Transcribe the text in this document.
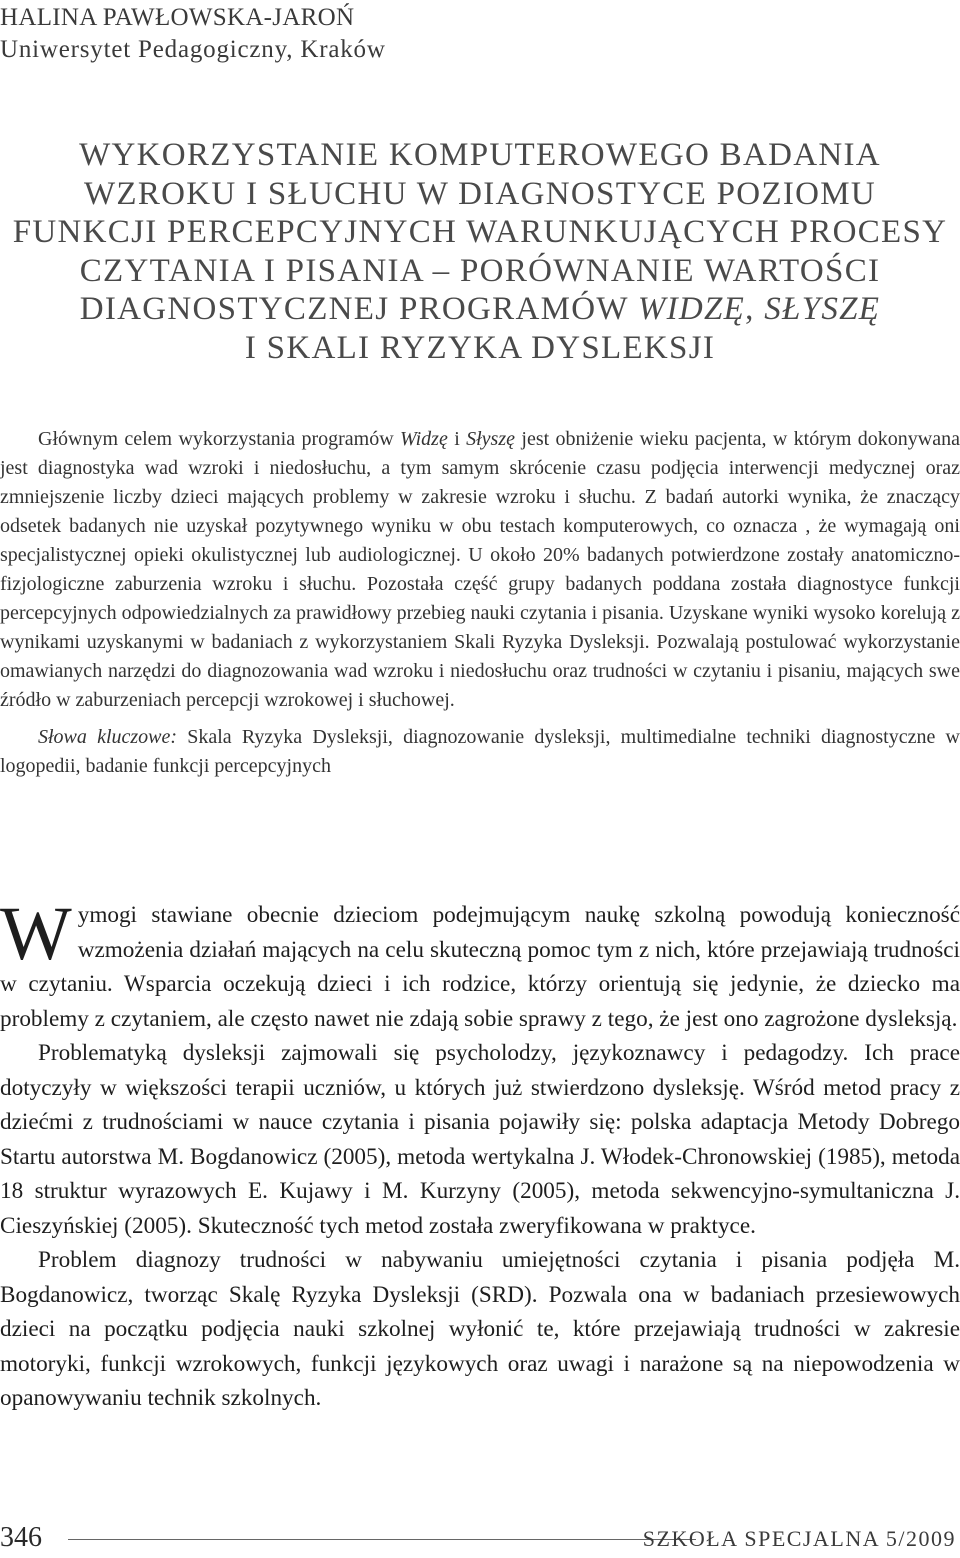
HALINA PAWŁOWSKA-JAROŃ
Uniwersytet Pedagogiczny, Kraków
WYKORZYSTANIE KOMPUTEROWEGO BADANIA
WZROKU I SŁUCHU W DIAGNOSTYCE POZIOMU
FUNKCJI PERCEPCYJNYCH WARUNKUJĄCYCH PROCESY
CZYTANIA I PISANIA – PORÓWNANIE WARTOŚCI
DIAGNOSTYCZNEJ PROGRAMÓW WIDZĘ, SŁYSZĘ
I SKALI RYZYKA DYSLEKSJI

Głównym celem wykorzystania programów Widzę i Słyszę jest obniżenie wieku pacjenta, w którym dokonywana jest diagnostyka wad wzroki i niedosłuchu, a tym samym skrócenie czasu podjęcia interwencji medycznej oraz zmniejszenie liczby dzieci mających problemy w zakresie wzroku i słuchu. Z badań autorki wynika, że znaczący odsetek badanych nie uzyskał pozytywnego wyniku w obu testach komputerowych, co oznacza , że wymagają oni specjalistycznej opieki okulistycznej lub audiologicznej. U około 20% badanych potwierdzone zostały anatomiczno-fizjologiczne zaburzenia wzroku i słuchu. Pozostała część grupy badanych poddana została diagnostyce funkcji percepcyjnych odpowiedzialnych za prawidłowy przebieg nauki czytania i pisania. Uzyskane wyniki wysoko korelują z wynikami uzyskanymi w badaniach z wykorzystaniem Skali Ryzyka Dysleksji. Pozwalają postulować wykorzystanie omawianych narzędzi do diagnozowania wad wzroku i niedosłuchu oraz trudności w czytaniu i pisaniu, mających swe źródło w zaburzeniach percepcji wzrokowej i słuchowej.

Słowa kluczowe: Skala Ryzyka Dysleksji, diagnozowanie dysleksji, multimedialne techniki diagnostyczne w logopedii, badanie funkcji percepcyjnych

Wymogi stawiane obecnie dzieciom podejmującym naukę szkolną powodują konieczność wzmożenia działań mających na celu skuteczną pomoc tym z nich, które przejawiają trudności w czytaniu. Wsparcia oczekują dzieci i ich rodzice, którzy orientują się jedynie, że dziecko ma problemy z czytaniem, ale często nawet nie zdają sobie sprawy z tego, że jest ono zagrożone dysleksją.

Problematyką dysleksji zajmowali się psycholodzy, językoznawcy i pedagodzy. Ich prace dotyczyły w większości terapii uczniów, u których już stwierdzono dysleksję. Wśród metod pracy z dziećmi z trudnościami w nauce czytania i pisania pojawiły się: polska adaptacja Metody Dobrego Startu autorstwa M. Bogdanowicz (2005), metoda wertykalna J. Włodek-Chronowskiej (1985), metoda 18 struktur wyrazowych E. Kujawy i M. Kurzyny (2005), metoda sekwencyjno-symultaniczna J. Cieszyńskiej (2005). Skuteczność tych metod została zweryfikowana w praktyce.

Problem diagnozy trudności w nabywaniu umiejętności czytania i pisania podjęła M. Bogdanowicz, tworząc Skalę Ryzyka Dysleksji (SRD). Pozwala ona w badaniach przesiewowych dzieci na początku podjęcia nauki szkolnej wyłonić te, które przejawiają trudności w zakresie motoryki, funkcji wzrokowych, funkcji językowych oraz uwagi i narażone są na niepowodzenia w opanowywaniu technik szkolnych.

346	SZKOŁA SPECJALNA 5/2009
